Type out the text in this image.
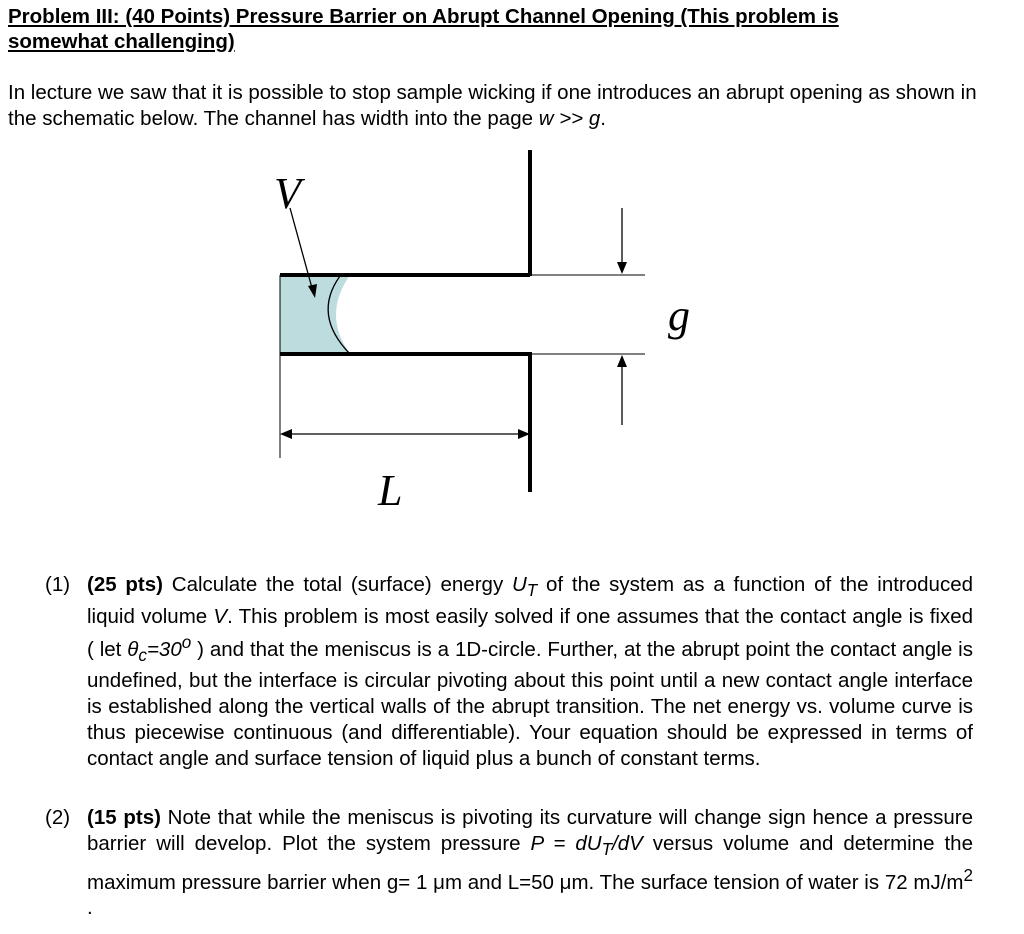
Problem III: (40 Points) Pressure Barrier on Abrupt Channel Opening (This problem is
somewhat challenging)
In lecture we saw that it is possible to stop sample wicking if one introduces an abrupt opening as shown in the schematic below. The channel has width into the page w >> g.
V
g
L
(1) (25 pts) Calculate the total (surface) energy $U_T$ of the system as a function of the introduced liquid volume V. This problem is most easily solved if one assumes that the contact angle is fixed ( let $\theta_c=30^o$ ) and that the meniscus is a 1D-circle. Further, at the abrupt point the contact angle is undefined, but the interface is circular pivoting about this point until a new contact angle interface is established along the vertical walls of the abrupt transition. The net energy vs. volume curve is thus piecewise continuous (and differentiable). Your equation should be expressed in terms of contact angle and surface tension of liquid plus a bunch of constant terms.
(2) (15 pts) Note that while the meniscus is pivoting its curvature will change sign hence a pressure barrier will develop. Plot the system pressure $P = dU_T/dV$ versus volume and determine the maximum pressure barrier when g= 1 μm and L=50 μm. The surface tension of water is 72 $mJ/m^2$ .
